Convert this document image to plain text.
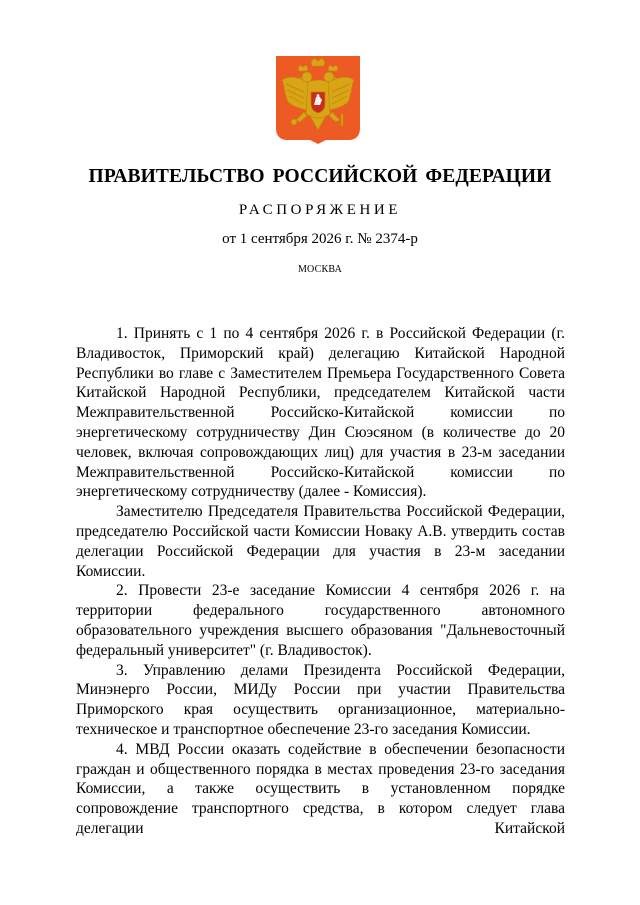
ПРАВИТЕЛЬСТВО РОССИЙСКОЙ ФЕДЕРАЦИИ
РАСПОРЯЖЕНИЕ
от 1 сентября 2026 г. № 2374-р
МОСКВА

1. Принять с 1 по 4 сентября 2026 г. в Российской Федерации (г. Владивосток, Приморский край) делегацию Китайской Народной Республики во главе с Заместителем Премьера Государственного Совета Китайской Народной Республики, председателем Китайской части Межправительственной Российско-Китайской комиссии по энергетическому сотрудничеству Дин Сюэсяном (в количестве до 20 человек, включая сопровождающих лиц) для участия в 23-м заседании Межправительственной Российско-Китайской комиссии по энергетическому сотрудничеству (далее - Комиссия).

Заместителю Председателя Правительства Российской Федерации, председателю Российской части Комиссии Новаку А.В. утвердить состав делегации Российской Федерации для участия в 23-м заседании Комиссии.

2. Провести 23-е заседание Комиссии 4 сентября 2026 г. на территории федерального государственного автономного образовательного учреждения высшего образования "Дальневосточный федеральный университет" (г. Владивосток).

3. Управлению делами Президента Российской Федерации, Минэнерго России, МИДу России при участии Правительства Приморского края осуществить организационное, материально-техническое и транспортное обеспечение 23-го заседания Комиссии.

4. МВД России оказать содействие в обеспечении безопасности граждан и общественного порядка в местах проведения 23-го заседания Комиссии, а также осуществить в установленном порядке сопровождение транспортного средства, в котором следует глава делегации Китайской
